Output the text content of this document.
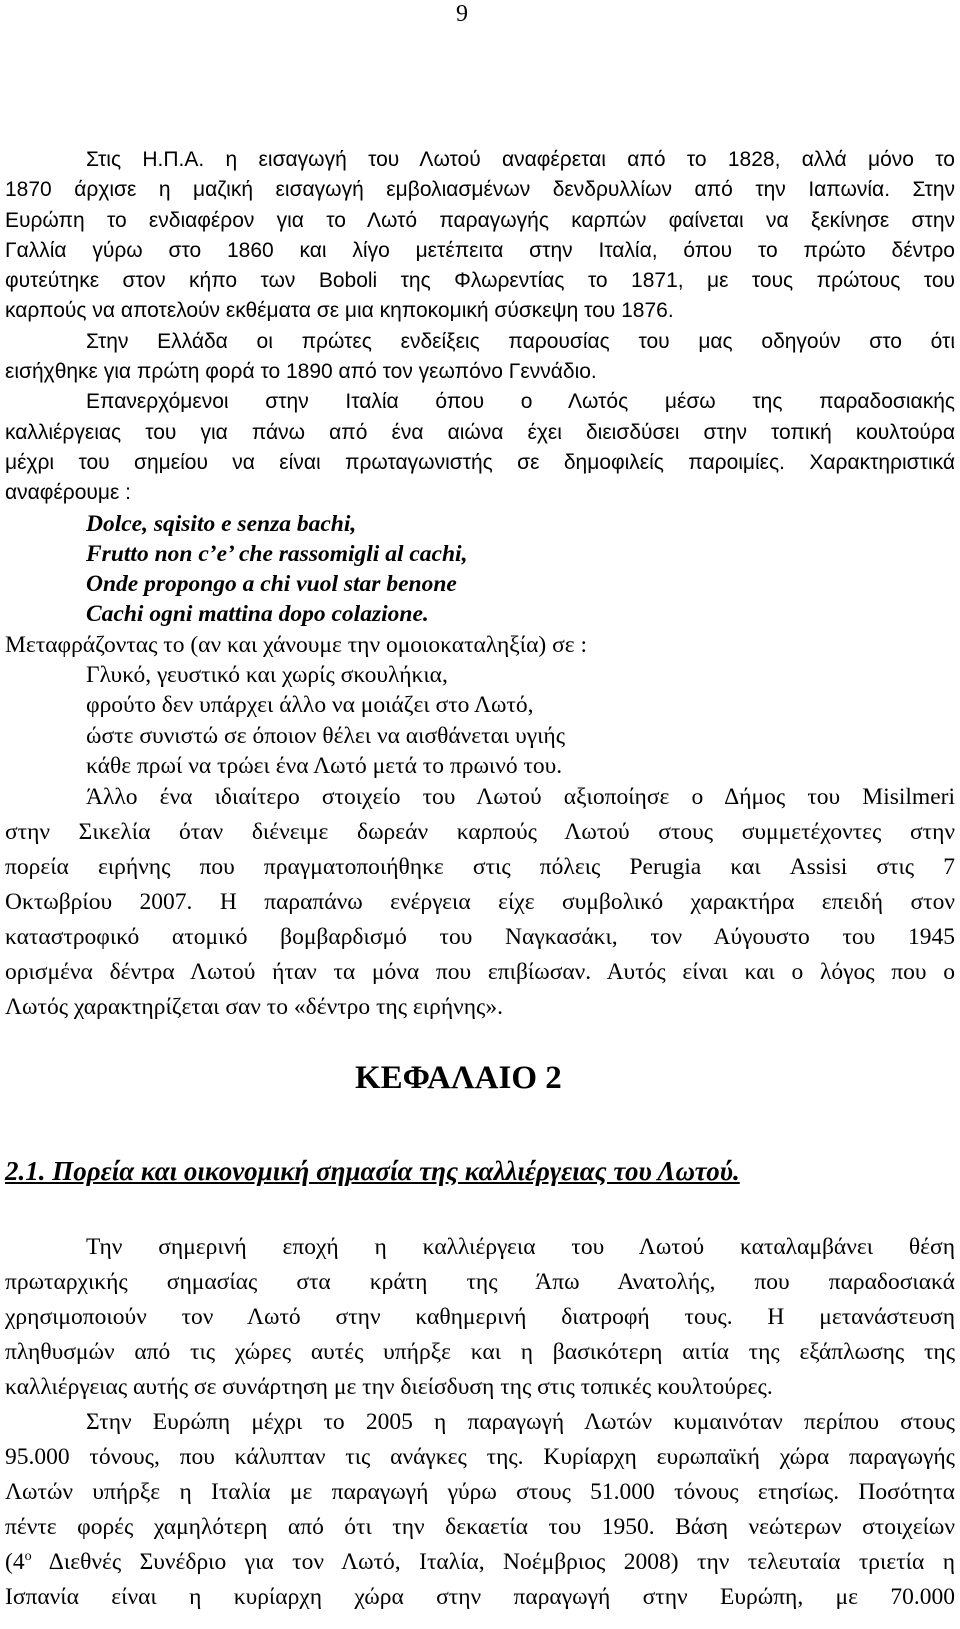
9
Στις Η.Π.Α. η εισαγωγή του Λωτού αναφέρεται από το 1828, αλλά μόνο το
1870 άρχισε η μαζική εισαγωγή εμβολιασμένων δενδρυλλίων από την Ιαπωνία. Στην
Ευρώπη το ενδιαφέρον για το Λωτό παραγωγής καρπών φαίνεται να ξεκίνησε στην
Γαλλία γύρω στο 1860 και λίγο μετέπειτα στην Ιταλία, όπου το πρώτο δέντρο
φυτεύτηκε στον κήπο των Boboli της Φλωρεντίας το 1871, με τους πρώτους του
καρπούς να αποτελούν εκθέματα σε μια κηποκομική σύσκεψη του 1876.
Στην Ελλάδα οι πρώτες ενδείξεις παρουσίας του μας οδηγούν στο ότι
εισήχθηκε για πρώτη φορά το 1890 από τον γεωπόνο Γεννάδιο.
Επανερχόμενοι στην Ιταλία όπου ο Λωτός μέσω της παραδοσιακής
καλλιέργειας του για πάνω από ένα αιώνα έχει διεισδύσει στην τοπική κουλτούρα
μέχρι του σημείου να είναι πρωταγωνιστής σε δημοφιλείς παροιμίες. Χαρακτηριστικά
αναφέρουμε :
Dolce, sqisito e senza bachi,
Frutto non c’e’ che rassomigli al cachi,
Onde propongo a chi vuol star benone
Cachi ogni mattina dopo colazione.
Μεταφράζοντας το (αν και χάνουμε την ομοιοκαταληξία) σε :
Γλυκό, γευστικό και χωρίς σκουλήκια,
φρούτο δεν υπάρχει άλλο να μοιάζει στο Λωτό,
ώστε συνιστώ σε όποιον θέλει να αισθάνεται υγιής
κάθε πρωί να τρώει ένα Λωτό μετά το πρωινό του.
Άλλο ένα ιδιαίτερο στοιχείο του Λωτού αξιοποίησε ο Δήμος του Misilmeri
στην Σικελία όταν διένειμε δωρεάν καρπούς Λωτού στους συμμετέχοντες στην
πορεία ειρήνης που πραγματοποιήθηκε στις πόλεις Perugia και Assisi στις 7
Οκτωβρίου 2007. Η παραπάνω ενέργεια είχε συμβολικό χαρακτήρα επειδή στον
καταστροφικό ατομικό βομβαρδισμό του Ναγκασάκι, τον Αύγουστο του 1945
ορισμένα δέντρα Λωτού ήταν τα μόνα που επιβίωσαν. Αυτός είναι και ο λόγος που ο
Λωτός χαρακτηρίζεται σαν το «δέντρο της ειρήνης».
ΚΕΦΑΛΑΙΟ 2
2.1. Πορεία και οικονομική σημασία της καλλιέργειας του Λωτού.
Την σημερινή εποχή η καλλιέργεια του Λωτού καταλαμβάνει θέση
πρωταρχικής σημασίας στα κράτη της Άπω Ανατολής, που παραδοσιακά
χρησιμοποιούν τον Λωτό στην καθημερινή διατροφή τους. Η μετανάστευση
πληθυσμών από τις χώρες αυτές υπήρξε και η βασικότερη αιτία της εξάπλωσης της
καλλιέργειας αυτής σε συνάρτηση με την διείσδυση της στις τοπικές κουλτούρες.
Στην Ευρώπη μέχρι το 2005 η παραγωγή Λωτών κυμαινόταν περίπου στους
95.000 τόνους, που κάλυπταν τις ανάγκες της. Κυρίαρχη ευρωπαϊκή χώρα παραγωγής
Λωτών υπήρξε η Ιταλία με παραγωγή γύρω στους 51.000 τόνους ετησίως. Ποσότητα
πέντε φορές χαμηλότερη από ότι την δεκαετία του 1950. Βάση νεώτερων στοιχείων
($4^o$ Διεθνές Συνέδριο για τον Λωτό, Ιταλία, Νοέμβριος 2008) την τελευταία τριετία η
Ισπανία είναι η κυρίαρχη χώρα στην παραγωγή στην Ευρώπη, με 70.000
